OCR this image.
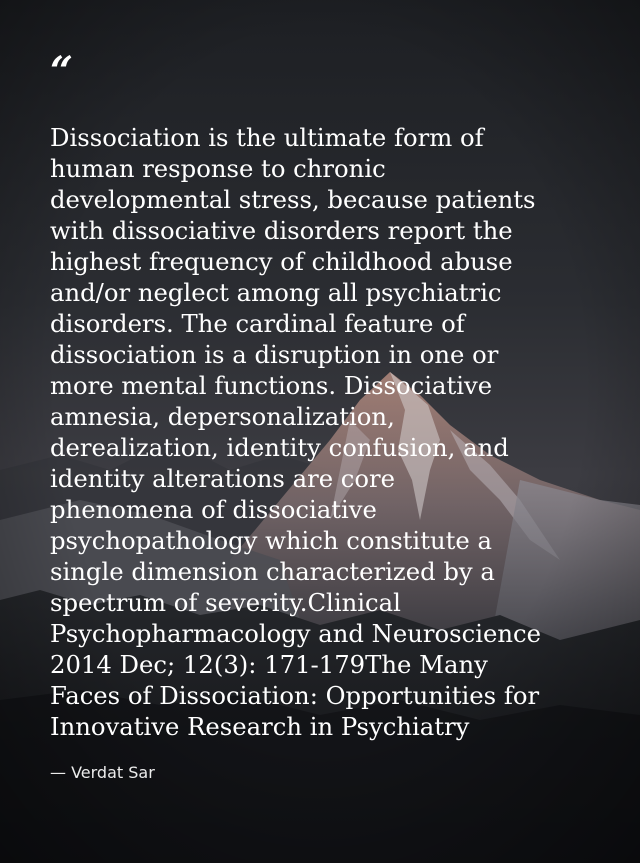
“

Dissociation is the ultimate form of
human response to chronic
developmental stress, because patients
with dissociative disorders report the
highest frequency of childhood abuse
and/or neglect among all psychiatric
disorders. The cardinal feature of
dissociation is a disruption in one or
more mental functions. Dissociative
amnesia, depersonalization,
derealization, identity confusion, and
identity alterations are core
phenomena of dissociative
psychopathology which constitute a
single dimension characterized by a
spectrum of severity.Clinical
Psychopharmacology and Neuroscience
2014 Dec; 12(3): 171-179The Many
Faces of Dissociation: Opportunities for
Innovative Research in Psychiatry

— Verdat Sar
